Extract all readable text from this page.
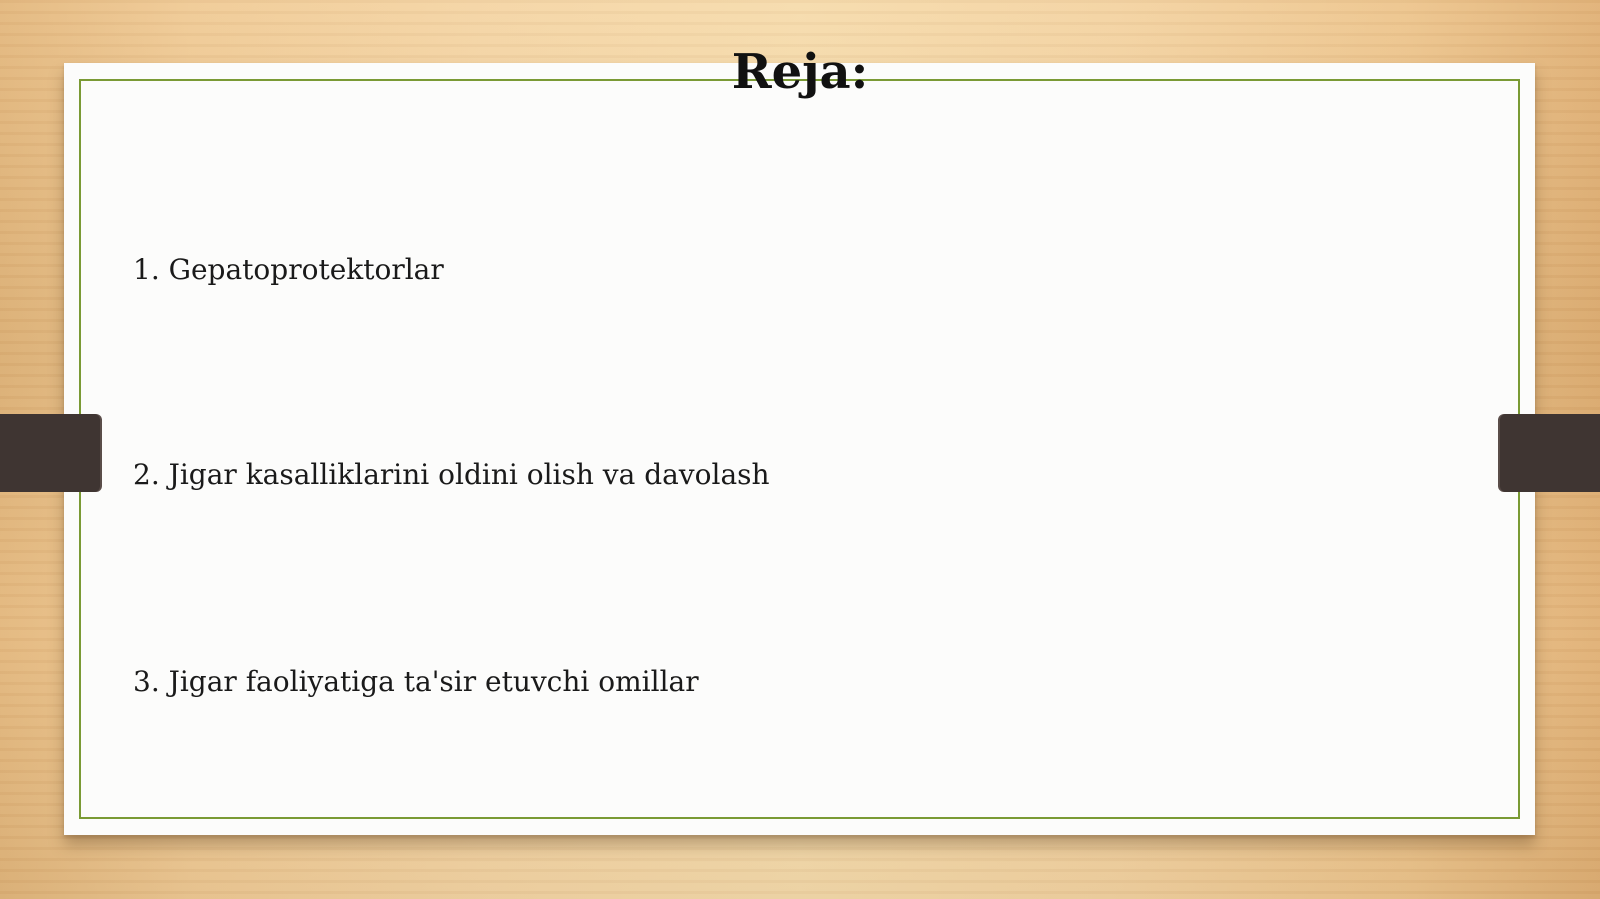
Reja:
1. Gepatoprotektorlar
2. Jigar kasalliklarini oldini olish va davolash
3. Jigar faoliyatiga ta'sir etuvchi omillar
